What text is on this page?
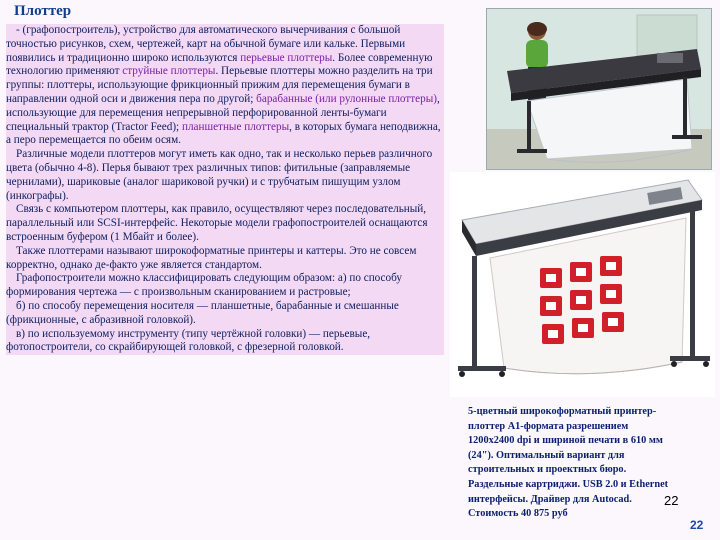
Плоттер

- (графопостроитель), устройство для автоматического вычерчивания с большой точностью рисунков, схем, чертежей, карт на обычной бумаге или кальке. Первыми появились и традиционно широко используются перьевые плоттеры. Более современную технологию применяют струйные плоттеры. Перьевые плоттеры можно разделить на три группы: плоттеры, использующие фрикционный прижим для перемещения бумаги в направлении одной оси и движения пера по другой; барабанные (или рулонные плоттеры), использующие для перемещения непрерывной перфорированной ленты-бумаги специальный трактор (Tractor Feed); планшетные плоттеры, в которых бумага неподвижна, а перо перемещается по обеим осям.

Различные модели плоттеров могут иметь как одно, так и несколько перьев различного цвета (обычно 4-8). Перья бывают трех различных типов: фитильные (заправляемые чернилами), шариковые (аналог шариковой ручки) и с трубчатым пишущим узлом (инкографы).

Связь с компьютером плоттеры, как правило, осуществляют через последовательный, параллельный или SCSI-интерфейс. Некоторые модели графопостроителей оснащаются встроенным буфером (1 Мбайт и более).

Также плоттерами называют широкоформатные принтеры и каттеры. Это не совсем корректно, однако де-факто уже является стандартом.

Графопостроители можно классифицировать следующим образом: а) по способу формирования чертежа — с произвольным сканированием и растровые;

б) по способу перемещения носителя — планшетные, барабанные и смешанные (фрикционные, с абразивной головкой).

в) по используемому инструменту (типу чертёжной головки) — перьевые, фотопостроители, со скрайбирующей головкой, с фрезерной головкой.

5-цветный широкоформатный принтер-

плоттер А1-формата разрешением

1200x2400 dpi и шириной печати в 610 мм

(24"). Оптимальный вариант для

строительных и проектных бюро.

Раздельные картриджи. USB 2.0 и Ethernet

интерфейсы. Драйвер для Autocad.

Стоимость 40 875 руб

22
22
